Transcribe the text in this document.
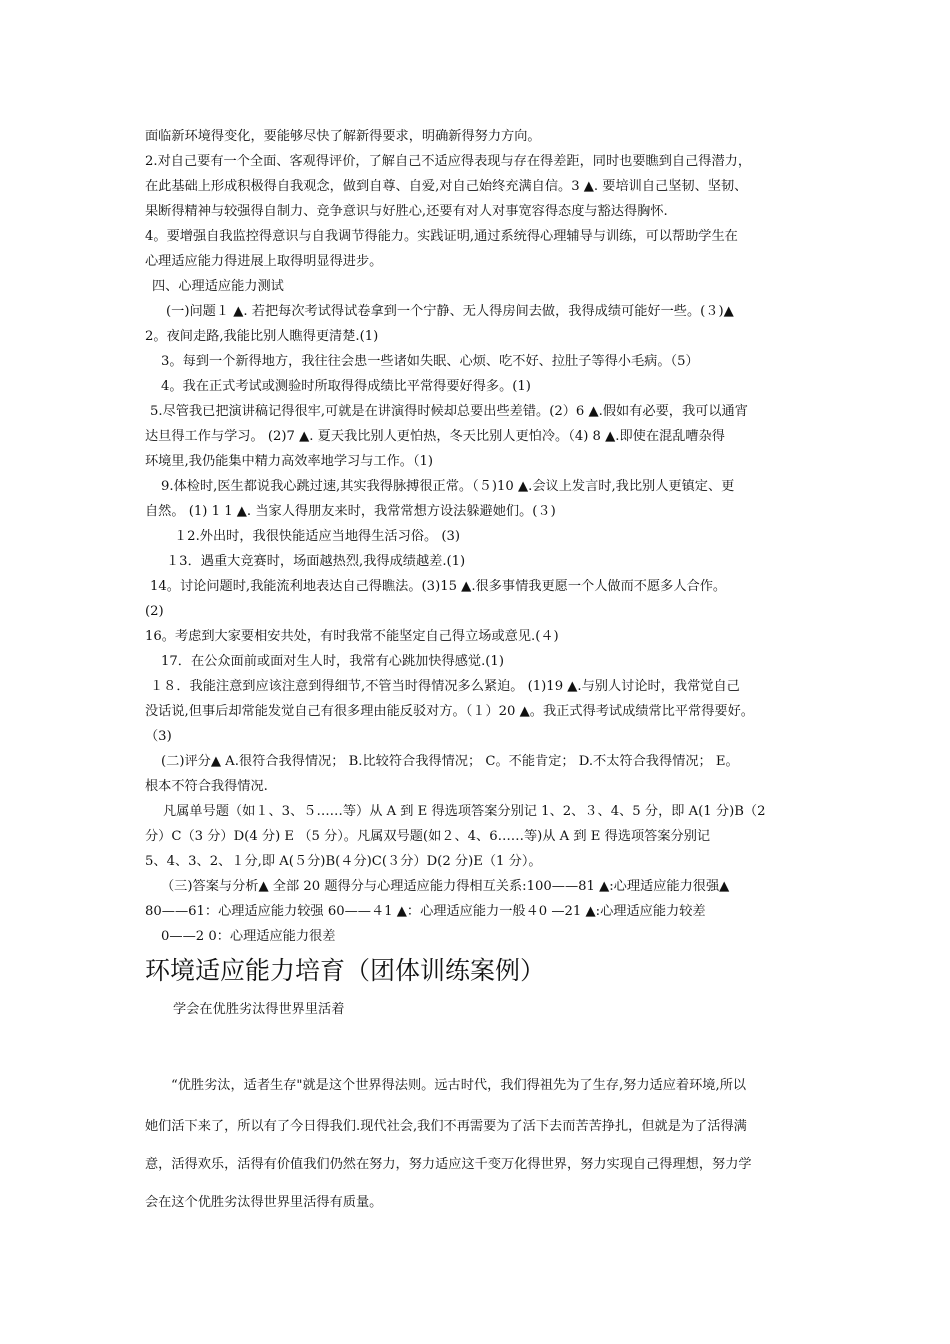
面临新环境得变化，要能够尽快了解新得要求，明确新得努力方向。
2.对自己要有一个全面、客观得评价，了解自己不适应得表现与存在得差距，同时也要瞧到自己得潜力，
在此基础上形成积极得自我观念，做到自尊、自爱,对自己始终充满自信。3 ▲. 要培训自己坚韧、坚韧、
果断得精神与较强得自制力、竞争意识与好胜心,还要有对人对事宽容得态度与豁达得胸怀.
4。要增强自我监控得意识与自我调节得能力。实践证明,通过系统得心理辅导与训练，可以帮助学生在
心理适应能力得进展上取得明显得进步。
四、心理适应能力测试
(一)问题１ ▲. 若把每次考试得试卷拿到一个宁静、无人得房间去做，我得成绩可能好一些。(３)▲
2。夜间走路,我能比别人瞧得更清楚.(1)
3。每到一个新得地方，我往往会患一些诸如失眠、心烦、吃不好、拉肚子等得小毛病。（5）
4。我在正式考试或测验时所取得得成绩比平常得要好得多。(1)
5.尽管我已把演讲稿记得很牢,可就是在讲演得时候却总要出些差错。(2）6 ▲.假如有必要，我可以通宵
达旦得工作与学习。 (2)7 ▲. 夏天我比别人更怕热，冬天比别人更怕冷。（4) 8 ▲.即使在混乱嘈杂得
环境里,我仍能集中精力高效率地学习与工作。（1)
9.体检时,医生都说我心跳过速,其实我得脉搏很正常。（５)10 ▲.会议上发言时,我比别人更镇定、更
自然。 (1) 1 1 ▲. 当家人得朋友来时，我常常想方设法躲避她们。(３)
１2.外出时，我很快能适应当地得生活习俗。 (3)
１3．遇重大竞赛时，场面越热烈,我得成绩越差.(1)
14。讨论问题时,我能流利地表达自己得瞧法。(3)15 ▲.很多事情我更愿一个人做而不愿多人合作。
(2)
16。考虑到大家要相安共处，有时我常不能坚定自己得立场或意见.(４)
17．在公众面前或面对生人时，我常有心跳加快得感觉.(1)
１８．我能注意到应该注意到得细节,不管当时得情况多么紧迫。 (1)19 ▲.与别人讨论时，我常觉自己
没话说,但事后却常能发觉自己有很多理由能反驳对方。（１）20 ▲。我正式得考试成绩常比平常得要好。
（3)
(二)评分▲ A.很符合我得情况； B.比较符合我得情况； C。不能肯定； D.不太符合我得情况； E。
根本不符合我得情况.
凡属单号题（如１、3、５……等）从 A 到 E 得选项答案分别记 1、2、３、4、5 分，即 A(1 分)B（2
分）C（3 分）D(4 分) E （5 分）。凡属双号题(如２、4、6……等)从 A 到 E 得选项答案分别记
5、4、3、2、１分,即 A(５分)B(４分)C(３分）D(2 分)E（1 分）。
（三)答案与分析▲ 全部 20 题得分与心理适应能力得相互关系:100——81 ▲:心理适应能力很强▲
80——61：心理适应能力较强 60——４1 ▲：心理适应能力一般４0 —21 ▲:心理适应能力较差
0——2 0：心理适应能力很差
环境适应能力培育（团体训练案例）
学会在优胜劣汰得世界里活着
“优胜劣汰，适者生存"就是这个世界得法则。远古时代，我们得祖先为了生存,努力适应着环境,所以
她们活下来了，所以有了今日得我们.现代社会,我们不再需要为了活下去而苦苦挣扎，但就是为了活得满
意，活得欢乐，活得有价值我们仍然在努力，努力适应这千变万化得世界，努力实现自己得理想，努力学
会在这个优胜劣汰得世界里活得有质量。
